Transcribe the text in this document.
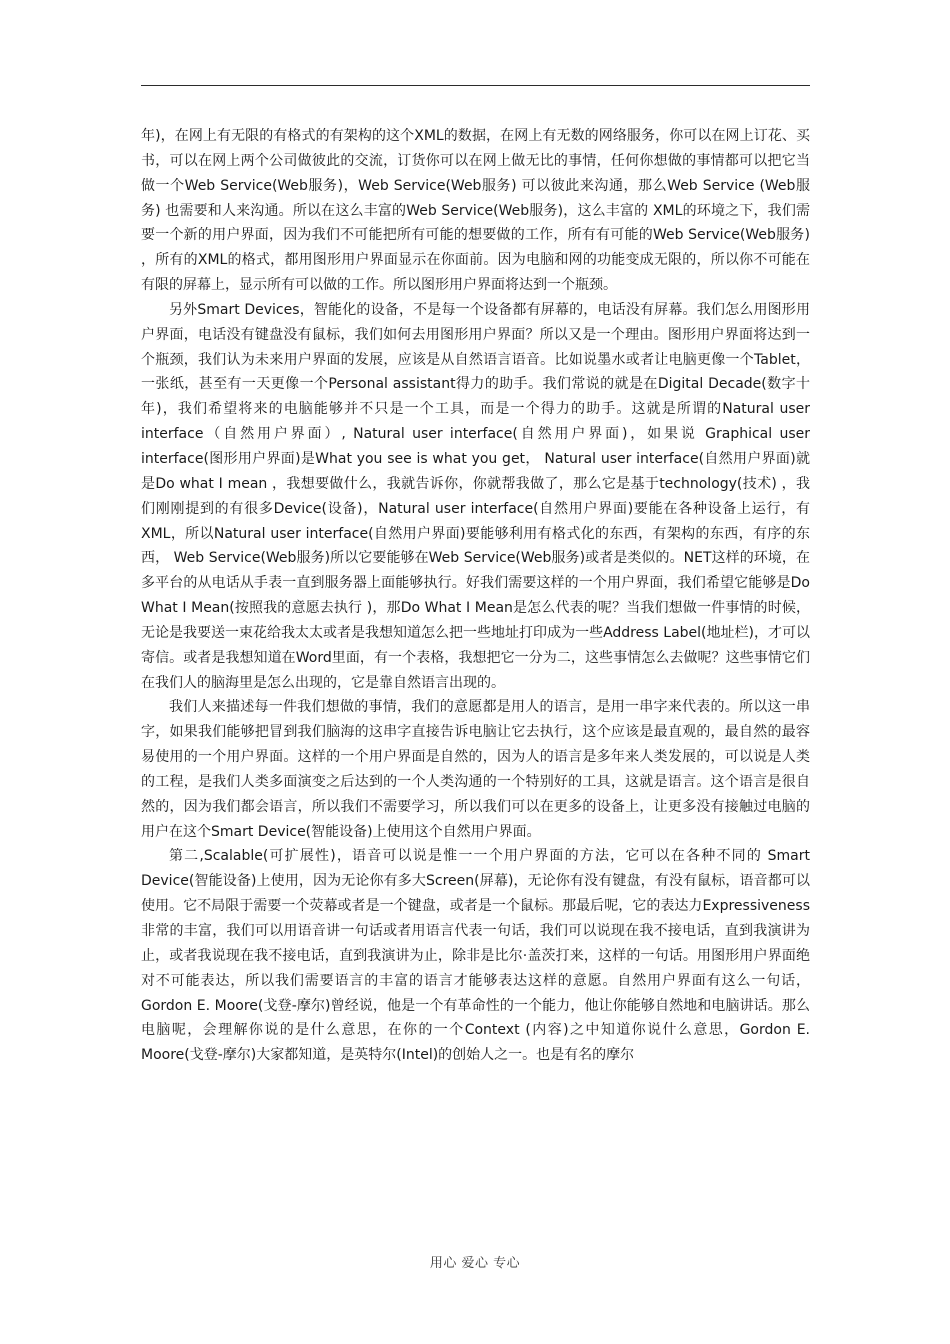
年)，在网上有无限的有格式的有架构的这个XML的数据，在网上有无数的网络服务，你可以在网上订花、买书，可以在网上两个公司做彼此的交流，订货你可以在网上做无比的事情，任何你想做的事情都可以把它当做一个Web Service(Web服务)，Web Service(Web服务) 可以彼此来沟通，那么Web Service (Web服务) 也需要和人来沟通。所以在这么丰富的Web Service(Web服务)，这么丰富的 XML的环境之下，我们需要一个新的用户界面，因为我们不可能把所有可能的想要做的工作，所有有可能的Web Service(Web服务) ，所有的XML的格式，都用图形用户界面显示在你面前。因为电脑和网的功能变成无限的，所以你不可能在有限的屏幕上，显示所有可以做的工作。所以图形用户界面将达到一个瓶颈。

另外Smart Devices，智能化的设备，不是每一个设备都有屏幕的，电话没有屏幕。我们怎么用图形用户界面，电话没有键盘没有鼠标，我们如何去用图形用户界面？所以又是一个理由。图形用户界面将达到一个瓶颈，我们认为未来用户界面的发展，应该是从自然语言语音。比如说墨水或者让电脑更像一个Tablet，一张纸，甚至有一天更像一个Personal assistant得力的助手。我们常说的就是在Digital Decade(数字十年)，我们希望将来的电脑能够并不只是一个工具，而是一个得力的助手。这就是所谓的Natural user interface（自然用户界面）, Natural user interface(自然用户界面)，如果说 Graphical user interface(图形用户界面)是What you see is what you get， Natural user interface(自然用户界面)就是Do what I mean ，我想要做什么，我就告诉你，你就帮我做了，那么它是基于technology(技术) ，我们刚刚提到的有很多Device(设备)，Natural user interface(自然用户界面)要能在各种设备上运行，有 XML，所以Natural user interface(自然用户界面)要能够利用有格式化的东西，有架构的东西，有序的东西， Web Service(Web服务)所以它要能够在Web Service(Web服务)或者是类似的。NET这样的环境，在多平台的从电话从手表一直到服务器上面能够执行。好我们需要这样的一个用户界面，我们希望它能够是Do What I Mean(按照我的意愿去执行 )，那Do What I Mean是怎么代表的呢？当我们想做一件事情的时候，无论是我要送一束花给我太太或者是我想知道怎么把一些地址打印成为一些Address Label(地址栏)，才可以寄信。或者是我想知道在Word里面，有一个表格，我想把它一分为二，这些事情怎么去做呢？这些事情它们在我们人的脑海里是怎么出现的，它是靠自然语言出现的。

我们人来描述每一件我们想做的事情，我们的意愿都是用人的语言，是用一串字来代表的。所以这一串字，如果我们能够把冒到我们脑海的这串字直接告诉电脑让它去执行，这个应该是最直观的，最自然的最容易使用的一个用户界面。这样的一个用户界面是自然的，因为人的语言是多年来人类发展的，可以说是人类的工程，是我们人类多面演变之后达到的一个人类沟通的一个特别好的工具，这就是语言。这个语言是很自然的，因为我们都会语言，所以我们不需要学习，所以我们可以在更多的设备上，让更多没有接触过电脑的用户在这个Smart Device(智能设备)上使用这个自然用户界面。

第二,Scalable(可扩展性)，语音可以说是惟一一个用户界面的方法，它可以在各种不同的 Smart Device(智能设备)上使用，因为无论你有多大Screen(屏幕)，无论你有没有键盘，有没有鼠标，语音都可以使用。它不局限于需要一个荧幕或者是一个键盘，或者是一个鼠标。那最后呢，它的表达力Expressiveness非常的丰富，我们可以用语音讲一句话或者用语言代表一句话，我们可以说现在我不接电话，直到我演讲为止，或者我说现在我不接电话，直到我演讲为止，除非是比尔·盖茨打来，这样的一句话。用图形用户界面绝对不可能表达，所以我们需要语言的丰富的语言才能够表达这样的意愿。自然用户界面有这么一句话， Gordon E. Moore(戈登-摩尔)曾经说，他是一个有革命性的一个能力，他让你能够自然地和电脑讲话。那么电脑呢，会理解你说的是什么意思，在你的一个Context (内容)之中知道你说什么意思，Gordon E. Moore(戈登-摩尔)大家都知道，是英特尔(Intel)的创始人之一。也是有名的摩尔

用心 爱心 专心
